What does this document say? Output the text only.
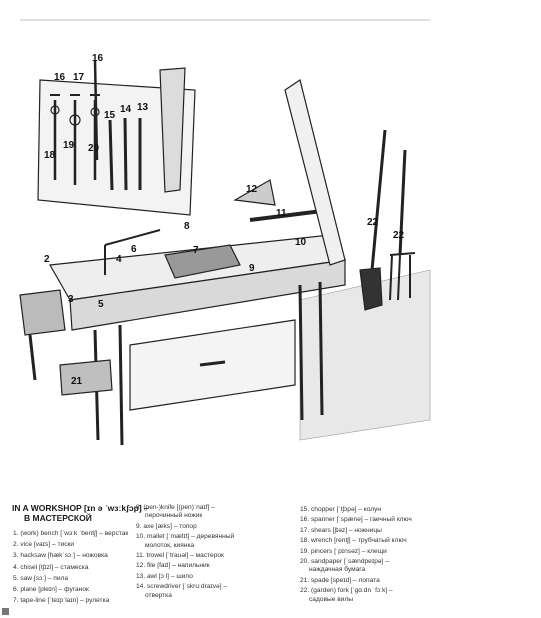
2
3
4
5
6	7
8
9
10
11
12
13
14
15
16
16 17
18
19 20
21
22
22
IN A WORKSHOP [ɪn ə ˈwɜːkʃɔp] –
В МАСТЕРСКОЙ
1. (work) bench [ˈwɜːk ˈbentʃ] – верстак
2. vice [vaɪs] – тиски
3. hacksaw [hækˈsɔː] – ножовка
4. chisel [tʃɪzl] – стамеска
5. saw [sɔː] – пила
6. plane [pleɪn] – фуганок
7. tape-line [ˈteɪpˈlaɪn] – рулетка
8. (pen-)knife [(pen)ˈnaɪf] –
перочинный ножик
9. axe [æks] – топор
10. mallet [ˈmælɪt] – деревянный
молоток, киянка
11. trowel [ˈtrauəl] – мастерок
12. file [faɪl] – напильник
13. awl [ɔːl] – шило
14. screwdriver [ˈskruːdraɪvə] –
отвертка
15. chopper [ˈtʃɔpə] – колун
16. spanner [ˈspænə] – гаечный ключ
17. shears [ʃɪəz] – ножницы
18. wrench [rentʃ] – трубчатый ключ
19. pincers [ˈpɪnsəz] – клещи
20. sandpaper [ˈsændpeɪpə] –
наждачная бумага
21. spade [speɪd] – лопата
22. (garden) fork [ˈgɑːdn ˈfɔːk] –
садовые вилы
